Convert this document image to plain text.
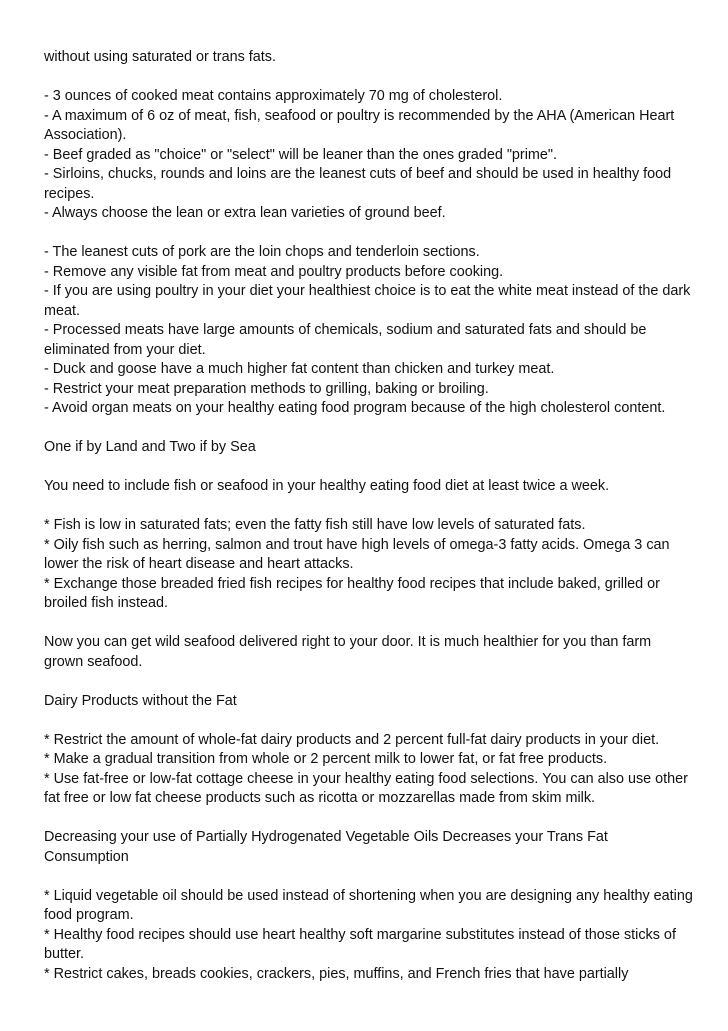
without using saturated or trans fats.
- 3 ounces of cooked meat contains approximately 70 mg of cholesterol.
- A maximum of 6 oz of meat, fish, seafood or poultry is recommended by the AHA (American Heart Association).
- Beef graded as "choice" or "select" will be leaner than the ones graded "prime".
- Sirloins, chucks, rounds and loins are the leanest cuts of beef and should be used in healthy food recipes.
- Always choose the lean or extra lean varieties of ground beef.
- The leanest cuts of pork are the loin chops and tenderloin sections.
- Remove any visible fat from meat and poultry products before cooking.
- If you are using poultry in your diet your healthiest choice is to eat the white meat instead of the dark meat.
- Processed meats have large amounts of chemicals, sodium and saturated fats and should be eliminated from your diet.
- Duck and goose have a much higher fat content than chicken and turkey meat.
- Restrict your meat preparation methods to grilling, baking or broiling.
- Avoid organ meats on your healthy eating food program because of the high cholesterol content.
One if by Land and Two if by Sea
You need to include fish or seafood in your healthy eating food diet at least twice a week.
* Fish is low in saturated fats; even the fatty fish still have low levels of saturated fats.
* Oily fish such as herring, salmon and trout have high levels of omega-3 fatty acids. Omega 3 can lower the risk of heart disease and heart attacks.
* Exchange those breaded fried fish recipes for healthy food recipes that include baked, grilled or broiled fish instead.
Now you can get wild seafood delivered right to your door. It is much healthier for you than farm grown seafood.
Dairy Products without the Fat
* Restrict the amount of whole-fat dairy products and 2 percent full-fat dairy products in your diet.
* Make a gradual transition from whole or 2 percent milk to lower fat, or fat free products.
* Use fat-free or low-fat cottage cheese in your healthy eating food selections. You can also use other fat free or low fat cheese products such as ricotta or mozzarellas made from skim milk.
Decreasing your use of Partially Hydrogenated Vegetable Oils Decreases your Trans Fat Consumption
* Liquid vegetable oil should be used instead of shortening when you are designing any healthy eating food program.
* Healthy food recipes should use heart healthy soft margarine substitutes instead of those sticks of butter.
* Restrict cakes, breads cookies, crackers, pies, muffins, and French fries that have partially
